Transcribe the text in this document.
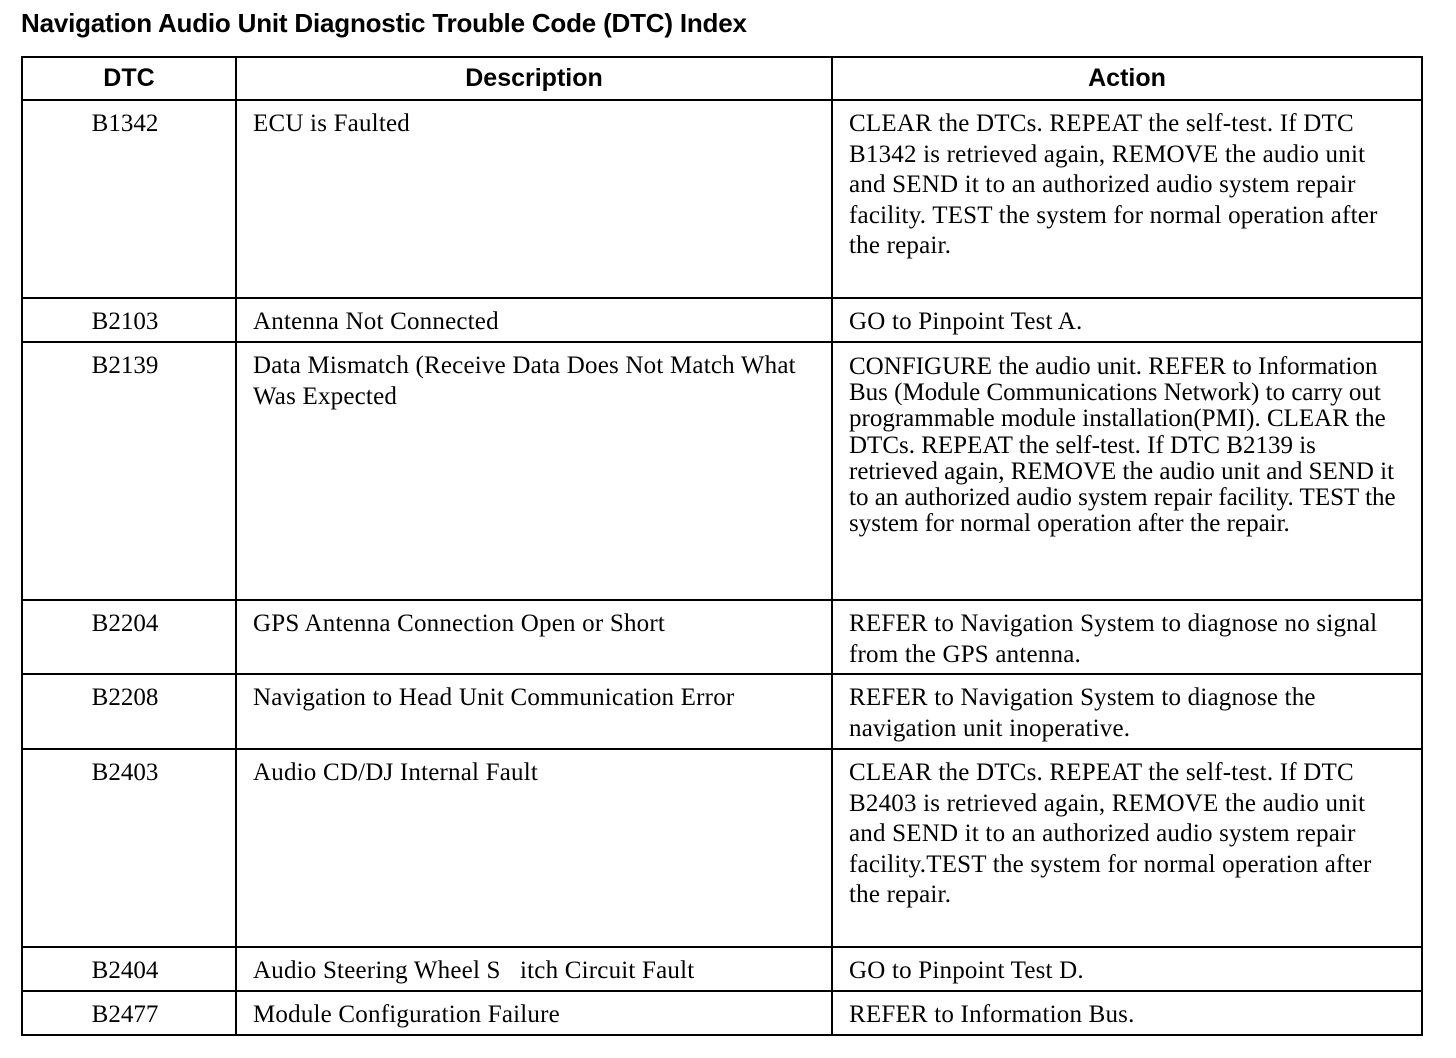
Navigation Audio Unit Diagnostic Trouble Code (DTC) Index
DTC	Description	Action

B1342	ECU is Faulted	CLEAR the DTCs. REPEAT the self-test. If DTC B1342 is retrieved again, REMOVE the audio unit and SEND it to an authorized audio system repair facility. TEST the system for normal operation after the repair.

B2103	Antenna Not Connected	GO to Pinpoint Test A.

B2139	Data Mismatch (Receive Data Does Not Match What Was Expected	CONFIGURE the audio unit. REFER to Information Bus (Module Communications Network) to carry out programmable module installation(PMI). CLEAR the DTCs. REPEAT the self-test. If DTC B2139 is retrieved again, REMOVE the audio unit and SEND it to an authorized audio system repair facility. TEST the system for normal operation after the repair.

B2204	GPS Antenna Connection Open or Short	REFER to Navigation System to diagnose no signal from the GPS antenna.

B2208	Navigation to Head Unit Communication Error	REFER to Navigation System to diagnose the navigation unit inoperative.

B2403	Audio CD/DJ Internal Fault	CLEAR the DTCs. REPEAT the self-test. If DTC B2403 is retrieved again, REMOVE the audio unit and SEND it to an authorized audio system repair facility.TEST the system for normal operation after the repair.

B2404	Audio Steering Wheel S   itch Circuit Fault	GO to Pinpoint Test D.

B2477	Module Configuration Failure	REFER to Information Bus.
